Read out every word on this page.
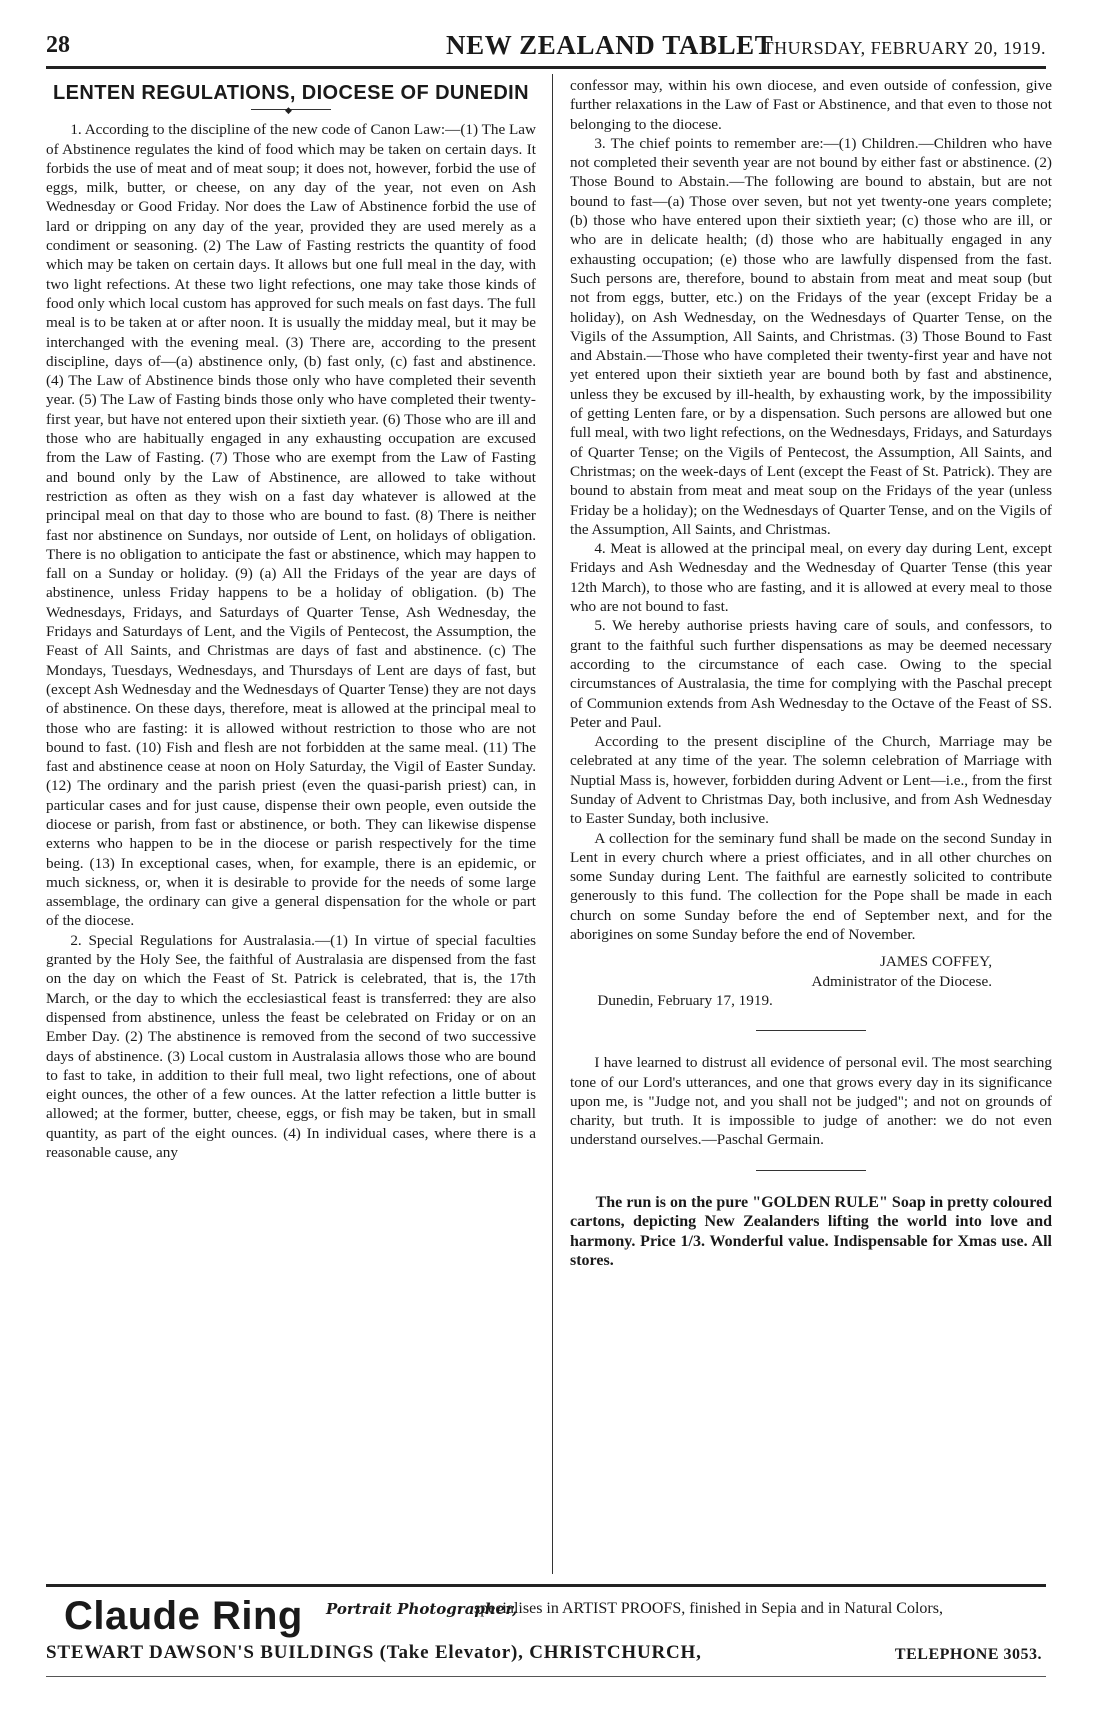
28	NEW ZEALAND TABLET
THURSDAY, FEBRUARY 20, 1919.
LENTEN REGULATIONS, DIOCESE OF DUNEDIN
◆

1. According to the discipline of the new code of Canon Law:—(1) The Law of Abstinence regulates the kind of food which may be taken on certain days. It forbids the use of meat and of meat soup; it does not, however, forbid the use of eggs, milk, butter, or cheese, on any day of the year, not even on Ash Wednesday or Good Friday. Nor does the Law of Abstinence forbid the use of lard or dripping on any day of the year, provided they are used merely as a condiment or seasoning. (2) The Law of Fasting restricts the quantity of food which may be taken on certain days. It allows but one full meal in the day, with two light refections. At these two light refections, one may take those kinds of food only which local custom has approved for such meals on fast days. The full meal is to be taken at or after noon. It is usually the midday meal, but it may be interchanged with the evening meal. (3) There are, according to the present discipline, days of—(a) abstinence only, (b) fast only, (c) fast and abstinence. (4) The Law of Abstinence binds those only who have completed their seventh year. (5) The Law of Fasting binds those only who have completed their twenty-first year, but have not entered upon their sixtieth year. (6) Those who are ill and those who are habitually engaged in any exhausting occupation are excused from the Law of Fasting. (7) Those who are exempt from the Law of Fasting and bound only by the Law of Abstinence, are allowed to take without restriction as often as they wish on a fast day whatever is allowed at the principal meal on that day to those who are bound to fast. (8) There is neither fast nor abstinence on Sundays, nor outside of Lent, on holidays of obligation. There is no obligation to anticipate the fast or abstinence, which may happen to fall on a Sunday or holiday. (9) (a) All the Fridays of the year are days of abstinence, unless Friday happens to be a holiday of obligation. (b) The Wednesdays, Fridays, and Saturdays of Quarter Tense, Ash Wednesday, the Fridays and Saturdays of Lent, and the Vigils of Pentecost, the Assumption, the Feast of All Saints, and Christmas are days of fast and abstinence. (c) The Mondays, Tuesdays, Wednesdays, and Thursdays of Lent are days of fast, but (except Ash Wednesday and the Wednesdays of Quarter Tense) they are not days of abstinence. On these days, therefore, meat is allowed at the principal meal to those who are fasting: it is allowed without restriction to those who are not bound to fast. (10) Fish and flesh are not forbidden at the same meal. (11) The fast and abstinence cease at noon on Holy Saturday, the Vigil of Easter Sunday. (12) The ordinary and the parish priest (even the quasi-parish priest) can, in particular cases and for just cause, dispense their own people, even outside the diocese or parish, from fast or abstinence, or both. They can likewise dispense externs who happen to be in the diocese or parish respectively for the time being. (13) In exceptional cases, when, for example, there is an epidemic, or much sickness, or, when it is desirable to provide for the needs of some large assemblage, the ordinary can give a general dispensation for the whole or part of the diocese.

2. Special Regulations for Australasia.—(1) In virtue of special faculties granted by the Holy See, the faithful of Australasia are dispensed from the fast on the day on which the Feast of St. Patrick is celebrated, that is, the 17th March, or the day to which the ecclesiastical feast is transferred: they are also dispensed from abstinence, unless the feast be celebrated on Friday or on an Ember Day. (2) The abstinence is removed from the second of two successive days of abstinence. (3) Local custom in Australasia allows those who are bound to fast to take, in addition to their full meal, two light refections, one of about eight ounces, the other of a few ounces. At the latter refection a little butter is allowed; at the former, butter, cheese, eggs, or fish may be taken, but in small quantity, as part of the eight ounces. (4) In individual cases, where there is a reasonable cause, any

confessor may, within his own diocese, and even outside of confession, give further relaxations in the Law of Fast or Abstinence, and that even to those not belonging to the diocese.

3. The chief points to remember are:—(1) Children.—Children who have not completed their seventh year are not bound by either fast or abstinence. (2) Those Bound to Abstain.—The following are bound to abstain, but are not bound to fast—(a) Those over seven, but not yet twenty-one years complete; (b) those who have entered upon their sixtieth year; (c) those who are ill, or who are in delicate health; (d) those who are habitually engaged in any exhausting occupation; (e) those who are lawfully dispensed from the fast. Such persons are, therefore, bound to abstain from meat and meat soup (but not from eggs, butter, etc.) on the Fridays of the year (except Friday be a holiday), on Ash Wednesday, on the Wednesdays of Quarter Tense, on the Vigils of the Assumption, All Saints, and Christmas. (3) Those Bound to Fast and Abstain.—Those who have completed their twenty-first year and have not yet entered upon their sixtieth year are bound both by fast and abstinence, unless they be excused by ill-health, by exhausting work, by the impossibility of getting Lenten fare, or by a dispensation. Such persons are allowed but one full meal, with two light refections, on the Wednesdays, Fridays, and Saturdays of Quarter Tense; on the Vigils of Pentecost, the Assumption, All Saints, and Christmas; on the week-days of Lent (except the Feast of St. Patrick). They are bound to abstain from meat and meat soup on the Fridays of the year (unless Friday be a holiday); on the Wednesdays of Quarter Tense, and on the Vigils of the Assumption, All Saints, and Christmas.

4. Meat is allowed at the principal meal, on every day during Lent, except Fridays and Ash Wednesday and the Wednesday of Quarter Tense (this year 12th March), to those who are fasting, and it is allowed at every meal to those who are not bound to fast.

5. We hereby authorise priests having care of souls, and confessors, to grant to the faithful such further dispensations as may be deemed necessary according to the circumstance of each case. Owing to the special circumstances of Australasia, the time for complying with the Paschal precept of Communion extends from Ash Wednesday to the Octave of the Feast of SS. Peter and Paul.

According to the present discipline of the Church, Marriage may be celebrated at any time of the year. The solemn celebration of Marriage with Nuptial Mass is, however, forbidden during Advent or Lent—i.e., from the first Sunday of Advent to Christmas Day, both inclusive, and from Ash Wednesday to Easter Sunday, both inclusive.

A collection for the seminary fund shall be made on the second Sunday in Lent in every church where a priest officiates, and in all other churches on some Sunday during Lent. The faithful are earnestly solicited to contribute generously to this fund. The collection for the Pope shall be made in each church on some Sunday before the end of September next, and for the aborigines on some Sunday before the end of November.

JAMES COFFEY,

Administrator of the Diocese.

Dunedin, February 17, 1919.

I have learned to distrust all evidence of personal evil. The most searching tone of our Lord's utterances, and one that grows every day in its significance upon me, is "Judge not, and you shall not be judged"; and not on grounds of charity, but truth. It is impossible to judge of another: we do not even understand ourselves.—Paschal Germain.

The run is on the pure "GOLDEN RULE" Soap in pretty coloured cartons, depicting New Zealanders lifting the world into love and harmony. Price 1/3. Wonderful value. Indispensable for Xmas use. All stores.

Claude Ring Portrait Photographer,
specialises in ARTIST PROOFS, finished in Sepia and in Natural Colors,
STEWART DAWSON'S BUILDINGS (Take Elevator), CHRISTCHURCH,	TELEPHONE 3053.
